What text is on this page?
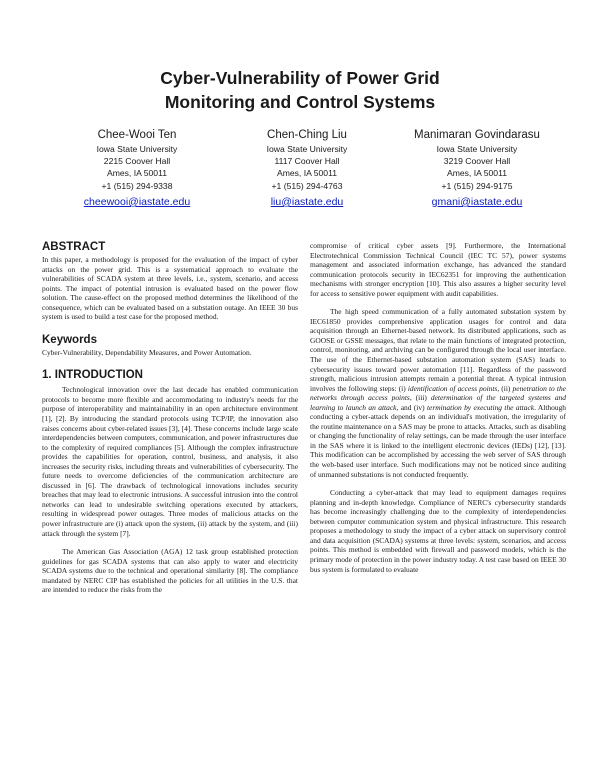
Cyber-Vulnerability of Power Grid
Monitoring and Control Systems
Chee-Wooi Ten
Iowa State University
2215 Coover Hall
Ames, IA 50011
+1 (515) 294-9338
cheewooi@iastate.edu
Chen-Ching Liu
Iowa State University
1117 Coover Hall
Ames, IA 50011
+1 (515) 294-4763
liu@iastate.edu
Manimaran Govindarasu
Iowa State University
3219 Coover Hall
Ames, IA 50011
+1 (515) 294-9175
gmani@iastate.edu
ABSTRACT

In this paper, a methodology is proposed for the evaluation of the impact of cyber attacks on the power grid. This is a systematical approach to evaluate the vulnerabilities of SCADA system at three levels, i.e., system, scenario, and access points. The impact of potential intrusion is evaluated based on the power flow solution. The cause-effect on the proposed method determines the likelihood of the consequence, which can be evaluated based on a substation outage. An IEEE 30 bus system is used to build a test case for the proposed method.

Keywords

Cyber-Vulnerability, Dependability Measures, and Power Automation.

1. INTRODUCTION

Technological innovation over the last decade has enabled communication protocols to become more flexible and accommodating to industry's needs for the purpose of interoperability and maintainability in an open architecture environment [1], [2]. By introducing the standard protocols using TCP/IP, the innovation also raises concerns about cyber-related issues [3], [4]. These concerns include large scale interdependencies between computers, communication, and power infrastructures due to the complexity of required compliances [5]. Although the complex infrastructure provides the capabilities for operation, control, business, and analysis, it also increases the security risks, including threats and vulnerabilities of cybersecurity. The future needs to overcome deficiencies of the communication architecture are discussed in [6]. The drawback of technological innovations includes security breaches that may lead to electronic intrusions. A successful intrusion into the control networks can lead to undesirable switching operations executed by attackers, resulting in widespread power outages. Three modes of malicious attacks on the power infrastructure are (i) attack upon the system, (ii) attack by the system, and (iii) attack through the system [7].

The American Gas Association (AGA) 12 task group established protection guidelines for gas SCADA systems that can also apply to water and electricity SCADA systems due to the technical and operational similarity [8]. The compliance mandated by NERC CIP has established the policies for all utilities in the U.S. that are intended to reduce the risks from the

compromise of critical cyber assets [9]. Furthermore, the International Electrotechnical Commission Technical Council (IEC TC 57), power systems management and associated information exchange, has advanced the standard communication protocols security in IEC62351 for improving the authentication mechanisms with stronger encryption [10]. This also assures a higher security level for access to sensitive power equipment with audit capabilities.

The high speed communication of a fully automated substation system by IEC61850 provides comprehensive application usages for control and data acquisition through an Ethernet-based network. Its distributed applications, such as GOOSE or GSSE messages, that relate to the main functions of integrated protection, control, monitoring, and archiving can be configured through the local user interface. The use of the Ethernet-based substation automation system (SAS) leads to cybersecurity issues toward power automation [11]. Regardless of the password strength, malicious intrusion attempts remain a potential threat. A typical intrusion involves the following steps: (i) identification of access points, (ii) penetration to the networks through access points, (iii) determination of the targeted systems and learning to launch an attack, and (iv) termination by executing the attack. Although conducting a cyber-attack depends on an individual's motivation, the irregularity of the routine maintenance on a SAS may be prone to attacks. Attacks, such as disabling or changing the functionality of relay settings, can be made through the user interface in the SAS where it is linked to the intelligent electronic devices (IEDs) [12], [13]. This modification can be accomplished by accessing the web server of SAS through the web-based user interface. Such modifications may not be noticed since auditing of unmanned substations is not conducted frequently.

Conducting a cyber-attack that may lead to equipment damages requires planning and in-depth knowledge. Compliance of NERC's cybersecurity standards has become increasingly challenging due to the complexity of interdependencies between computer communication system and physical infrastructure. This research proposes a methodology to study the impact of a cyber attack on supervisory control and data acquisition (SCADA) systems at three levels: system, scenarios, and access points. This method is embedded with firewall and password models, which is the primary mode of protection in the power industry today. A test case based on IEEE 30 bus system is formulated to evaluate
